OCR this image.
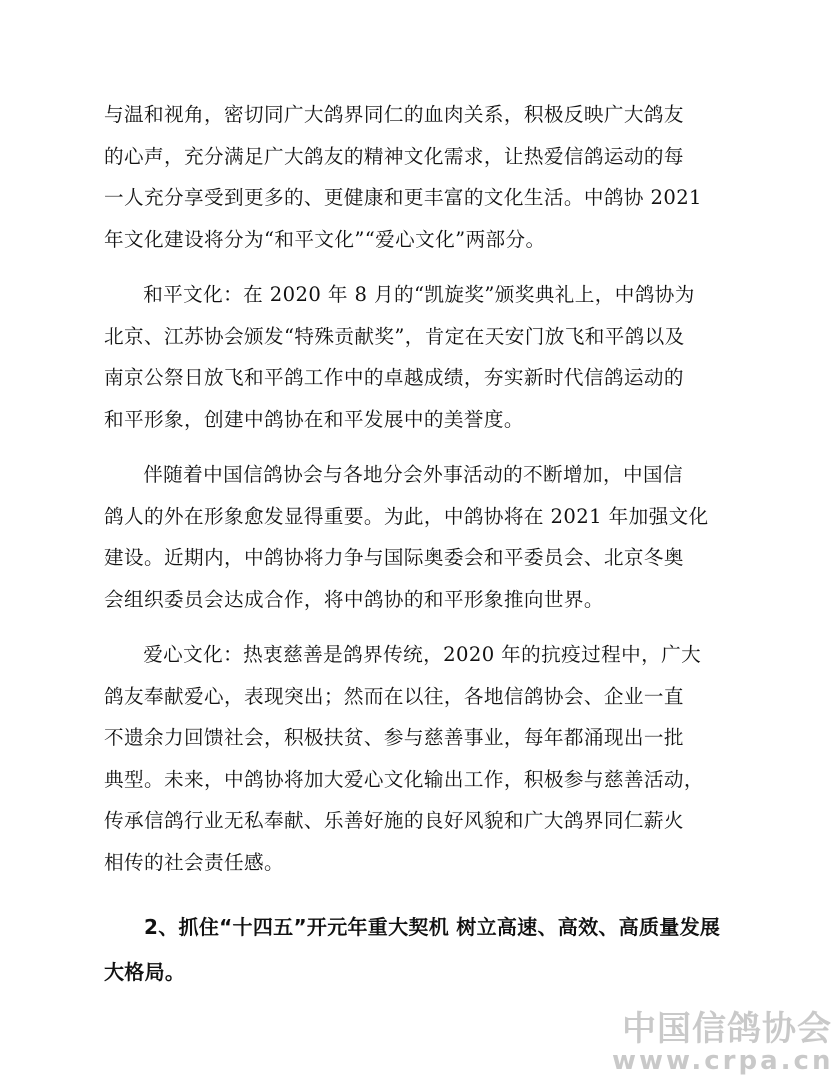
与温和视角，密切同广大鸽界同仁的血肉关系，积极反映广大鸽友
的心声，充分满足广大鸽友的精神文化需求，让热爱信鸽运动的每
一人充分享受到更多的、更健康和更丰富的文化生活。中鸽协 2021
年文化建设将分为“和平文化”“爱心文化”两部分。

和平文化：在 2020 年 8 月的“凯旋奖”颁奖典礼上，中鸽协为
北京、江苏协会颁发“特殊贡献奖”，肯定在天安门放飞和平鸽以及
南京公祭日放飞和平鸽工作中的卓越成绩，夯实新时代信鸽运动的
和平形象，创建中鸽协在和平发展中的美誉度。

伴随着中国信鸽协会与各地分会外事活动的不断增加，中国信
鸽人的外在形象愈发显得重要。为此，中鸽协将在 2021 年加强文化
建设。近期内，中鸽协将力争与国际奥委会和平委员会、北京冬奥
会组织委员会达成合作，将中鸽协的和平形象推向世界。

爱心文化：热衷慈善是鸽界传统，2020 年的抗疫过程中，广大
鸽友奉献爱心，表现突出；然而在以往，各地信鸽协会、企业一直
不遗余力回馈社会，积极扶贫、参与慈善事业，每年都涌现出一批
典型。未来，中鸽协将加大爱心文化输出工作，积极参与慈善活动，
传承信鸽行业无私奉献、乐善好施的良好风貌和广大鸽界同仁薪火
相传的社会责任感。

2、抓住“十四五”开元年重大契机 树立高速、高效、高质量发展
大格局。

中国信鸽协会
www.crpa.cn
